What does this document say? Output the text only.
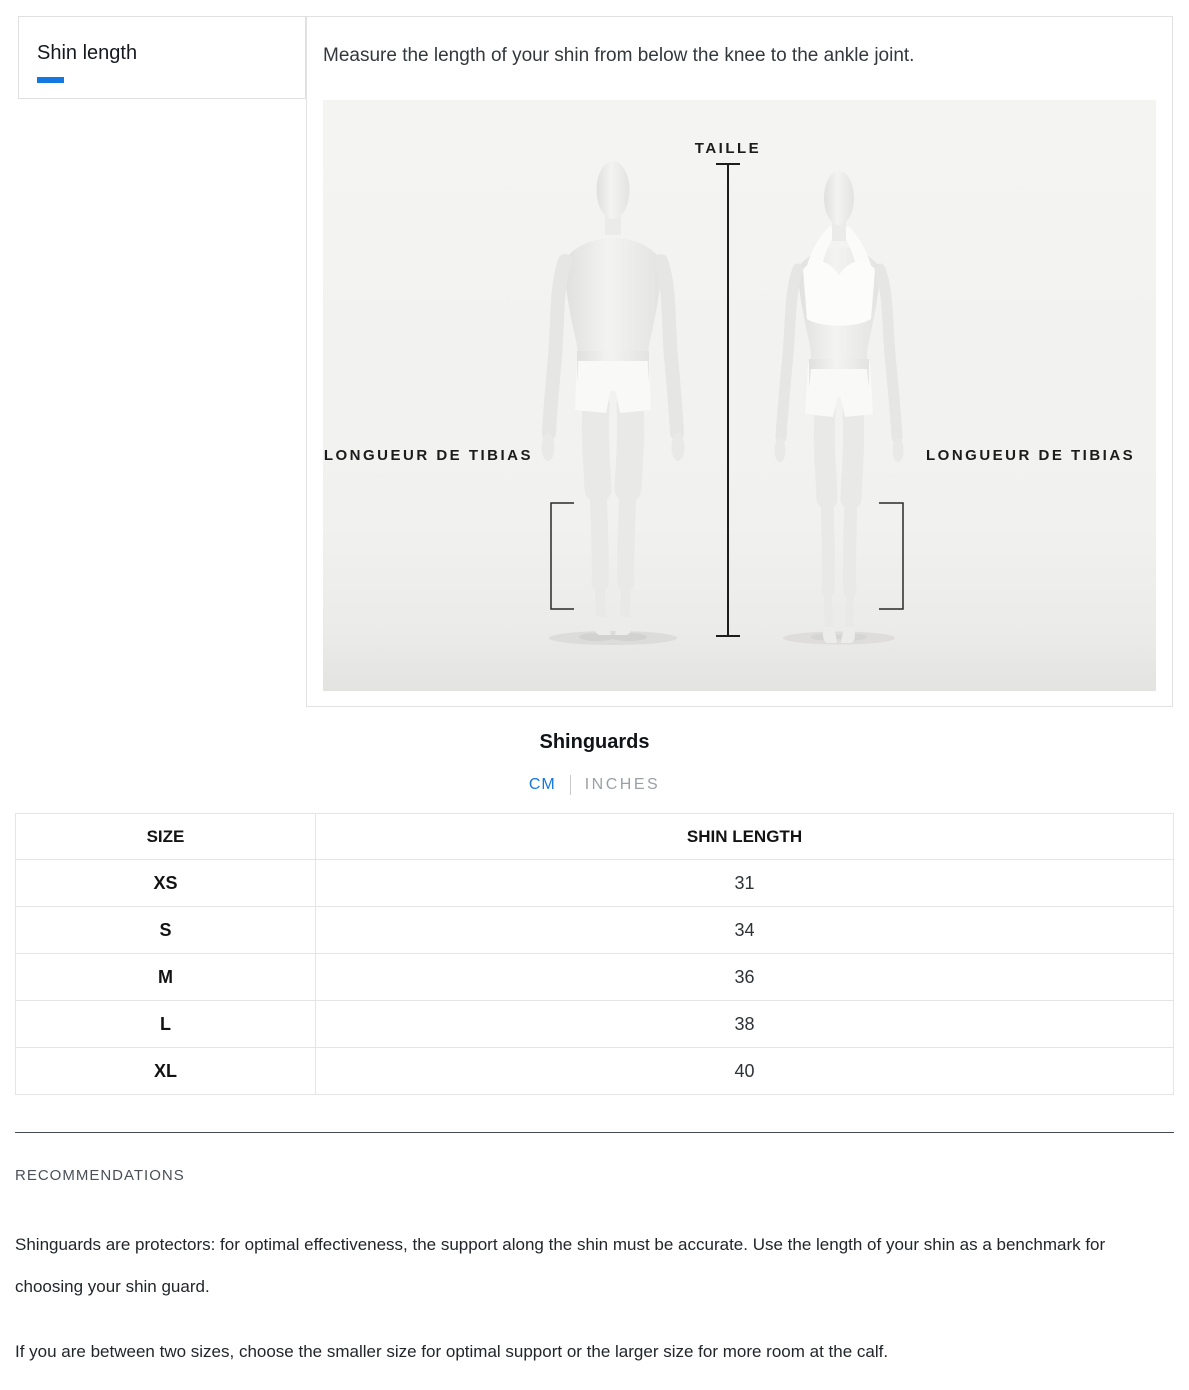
Shin length	Measure the length of your shin from below the knee to the ankle joint.
TAILLE
LONGUEUR DE TIBIAS	LONGUEUR DE TIBIAS
Shinguards
CM INCHES
SIZE	SHIN LENGTH
XS	31
S	34
M	36
L	38
XL	40
RECOMMENDATIONS

Shinguards are protectors: for optimal effectiveness, the support along the shin must be accurate. Use the length of your shin as a benchmark for choosing your shin guard.

If you are between two sizes, choose the smaller size for optimal support or the larger size for more room at the calf.
